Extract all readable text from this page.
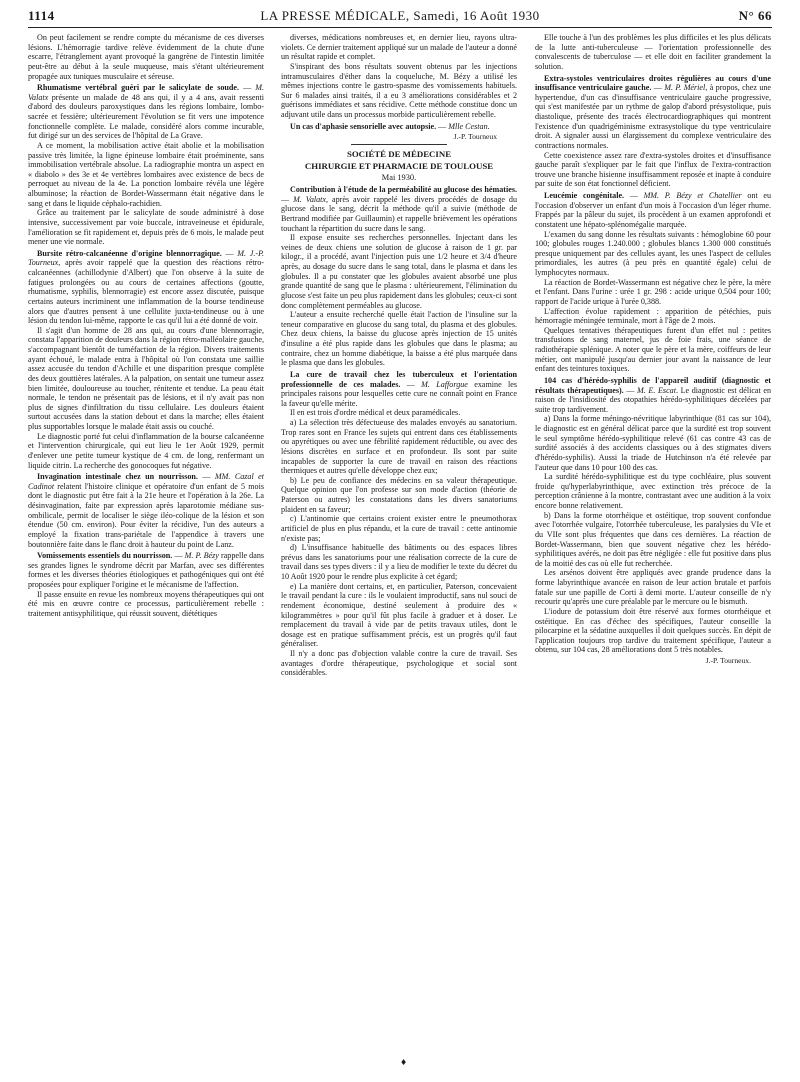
1114	LA PRESSE MÉDICALE, Samedi, 16 Août 1930	N° 66

On peut facilement se rendre compte du mécanisme de ces diverses lésions. L'hémorragie tardive relève évidemment de la chute d'une escarre, l'étranglement ayant provoqué la gangrène de l'intestin limitée peut-être au début à la seule muqueuse, mais s'étant ultérieurement propagée aux tuniques musculaire et séreuse.

Rhumatisme vertébral guéri par le salicylate de soude. — M. Valatx présente un malade de 48 ans qui, il y a 4 ans, avait ressenti d'abord des douleurs paroxystiques dans les régions lombaire, lombo-sacrée et fessière; ultérieurement l'évolution se fit vers une impotence fonctionnelle complète. Le malade, considéré alors comme incurable, fut dirigé sur un des services de l'hôpital de La Grave.

A ce moment, la mobilisation active était abolie et la mobilisation passive très limitée, la ligne épineuse lombaire était proéminente, sans immobilisation vertébrale absolue. La radiographie montra un aspect en « diabolo » des 3e et 4e vertèbres lombaires avec existence de becs de perroquet au niveau de la 4e. La ponction lombaire révéla une légère albuminose; la réaction de Bordet-Wassermann était négative dans le sang et dans le liquide céphalo-rachidien.

Grâce au traitement par le salicylate de soude administré à dose intensive, successivement par voie buccale, intraveineuse et épidurale, l'amélioration se fit rapidement et, depuis près de 6 mois, le malade peut mener une vie normale.

Bursite rétro-calcanéenne d'origine blennorragique. — M. J.-P. Tourneux, après avoir rappelé que la question des réactions rétro-calcanéennes (achillodynie d'Albert) que l'on observe à la suite de fatigues prolongées ou au cours de certaines affections (goutte, rhumatisme, syphilis, blennorragie) est encore assez discutée, puisque certains auteurs incriminent une inflammation de la bourse tendineuse alors que d'autres pensent à une cellulite juxta-tendineuse ou à une lésion du tendon lui-même, rapporte le cas qu'il lui a été donné de voir.

Il s'agit d'un homme de 28 ans qui, au cours d'une blennorragie, constata l'apparition de douleurs dans la région rétro-malléolaire gauche, s'accompagnant bientôt de tuméfaction de la région. Divers traitements ayant échoué, le malade entra à l'hôpital où l'on constata une saillie assez accusée du tendon d'Achille et une disparition presque complète des deux gouttières latérales. A la palpation, on sentait une tumeur assez bien limitée, douloureuse au toucher, rénitente et tendue. La peau était normale, le tendon ne présentait pas de lésions, et il n'y avait pas non plus de signes d'infiltration du tissu cellulaire. Les douleurs étaient surtout accusées dans la station debout et dans la marche; elles étaient plus supportables lorsque le malade était assis ou couché.

Le diagnostic porté fut celui d'inflammation de la bourse calcanéenne et l'intervention chirurgicale, qui eut lieu le 1er Août 1929, permit d'enlever une petite tumeur kystique de 4 cm. de long, renfermant un liquide citrin. La recherche des gonocoques fut négative.

Invagination intestinale chez un nourrisson. — MM. Cazal et Cadinot relatent l'histoire clinique et opératoire d'un enfant de 5 mois dont le diagnostic put être fait à la 21e heure et l'opération à la 26e. La désinvagination, faite par expression après laparotomie médiane sus-ombilicale, permit de localiser le siège iléo-colique de la lésion et son étendue (50 cm. environ). Pour éviter la récidive, l'un des auteurs a employé la fixation trans-pariétale de l'appendice à travers une boutonnière faite dans le flanc droit à hauteur du point de Lanz.

Vomissements essentiels du nourrisson. — M. P. Bézy rappelle dans ses grandes lignes le syndrome décrit par Marfan, avec ses différentes formes et les diverses théories étiologiques et pathogéniques qui ont été proposées pour expliquer l'origine et le mécanisme de l'affection.

Il passe ensuite en revue les nombreux moyens thérapeutiques qui ont été mis en œuvre contre ce processus, particulièrement rebelle : traitement antisyphilitique, qui réussit souvent, diététiques

diverses, médications nombreuses et, en dernier lieu, rayons ultra-violets. Ce dernier traitement appliqué sur un malade de l'auteur a donné un résultat rapide et complet.

S'inspirant des bons résultats souvent obtenus par les injections intramusculaires d'éther dans la coqueluche, M. Bézy a utilisé les mêmes injections contre le gastro-spasme des vomissements habituels. Sur 6 malades ainsi traités, il a eu 3 améliorations considérables et 2 guérisons immédiates et sans récidive. Cette méthode constitue donc un adjuvant utile dans un processus morbide particulièrement rebelle.

Un cas d'aphasie sensorielle avec autopsie. — Mlle Cestan.

J.-P. Tourneux
SOCIÉTÉ DE MÉDECINE
CHIRURGIE ET PHARMACIE DE TOULOUSE
Mai 1930.

Contribution à l'étude de la perméabilité au glucose des hématies. — M. Valatx, après avoir rappelé les divers procédés de dosage du glucose dans le sang, décrit la méthode qu'il a suivie (méthode de Bertrand modifiée par Guillaumin) et rappelle brièvement les opérations touchant la répartition du sucre dans le sang.

Il expose ensuite ses recherches personnelles. Injectant dans les veines de deux chiens une solution de glucose à raison de 1 gr. par kilogr., il a procédé, avant l'injection puis une 1/2 heure et 3/4 d'heure après, au dosage du sucre dans le sang total, dans le plasma et dans les globules. Il a pu constater que les globules avaient absorbé une plus grande quantité de sang que le plasma : ultérieurement, l'élimination du glucose s'est faite un peu plus rapidement dans les globules; ceux-ci sont donc complètement perméables au glucose.

L'auteur a ensuite recherché quelle était l'action de l'insuline sur la teneur comparative en glucose du sang total, du plasma et des globules. Chez deux chiens, la baisse du glucose après injection de 15 unités d'insuline a été plus rapide dans les globules que dans le plasma; au contraire, chez un homme diabétique, la baisse a été plus marquée dans le plasma que dans les globules.

La cure de travail chez les tuberculeux et l'orientation professionnelle de ces malades. — M. Lafforgue examine les principales raisons pour lesquelles cette cure ne connaît point en France la faveur qu'elle mérite.

Il en est trois d'ordre médical et deux paramédicales.

a) La sélection très défectueuse des malades envoyés au sanatorium. Trop rares sont en France les sujets qui entrent dans ces établissements ou apyrétiques ou avec une fébrilité rapidement réductible, ou avec des lésions discrètes en surface et en profondeur. Ils sont par suite incapables de supporter la cure de travail en raison des réactions thermiques et autres qu'elle développe chez eux;

b) Le peu de confiance des médecins en sa valeur thérapeutique. Quelque opinion que l'on professe sur son mode d'action (théorie de Paterson ou autres) les constatations dans les divers sanatoriums plaident en sa faveur;

c) L'antinomie que certains croient exister entre le pneumothorax artificiel de plus en plus répandu, et la cure de travail : cette antinomie n'existe pas;

d) L'insuffisance habituelle des bâtiments ou des espaces libres prévus dans les sanatoriums pour une réalisation correcte de la cure de travail dans ses types divers : il y a lieu de modifier le texte du décret du 10 Août 1920 pour le rendre plus explicite à cet égard;

e) La manière dont certains, et, en particulier, Paterson, concevaient le travail pendant la cure : ils le voulaient improductif, sans nul souci de rendement économique, destiné seulement à produire des « kilogrammètres » pour qu'il fût plus facile à graduer et à doser. Le remplacement du travail à vide par de petits travaux utiles, dont le dosage est en pratique suffisamment précis, est un progrès qu'il faut généraliser.

Il n'y a donc pas d'objection valable contre la cure de travail. Ses avantages d'ordre thérapeutique, psychologique et social sont considérables.

Elle touche à l'un des problèmes les plus difficiles et les plus délicats de la lutte anti-tuberculeuse — l'orientation professionnelle des convalescents de tuberculose — et elle doit en faciliter grandement la solution.

Extra-systoles ventriculaires droites régulières au cours d'une insuffisance ventriculaire gauche. — M. P. Mériel, à propos, chez une hypertendue, d'un cas d'insuffisance ventriculaire gauche progressive, qui s'est manifestée par un rythme de galop d'abord présystolique, puis diastolique, présente des tracés électrocardiographiques qui montrent l'existence d'un quadrigéminisme extrasystolique du type ventriculaire droit. A signaler aussi un élargissement du complexe ventriculaire des contractions normales.

Cette coexistence assez rare d'extra-systoles droites et d'insuffisance gauche paraît s'expliquer par le fait que l'influx de l'extra-contraction trouve une branche hisienne insuffisamment reposée et inapte à conduire par suite de son état fonctionnel déficient.

Leucémie congénitale. — MM. P. Bézy et Chatellier ont eu l'occasion d'observer un enfant d'un mois à l'occasion d'un léger rhume. Frappés par la pâleur du sujet, ils procèdent à un examen approfondi et constatent une hépato-splénomégalie marquée.

L'examen du sang donne les résultats suivants : hémoglobine 60 pour 100; globules rouges 1.240.000 ; globules blancs 1.300 000 constitués presque uniquement par des cellules ayant, les unes l'aspect de cellules primordiales, les autres (à peu près en quantité égale) celui de lymphocytes normaux.

La réaction de Bordet-Wassermann est négative chez le père, la mère et l'enfant. Dans l'urine : urée 1 gr. 298 : acide urique 0,504 pour 100; rapport de l'acide urique à l'urée 0,388.

L'affection évolue rapidement : apparition de pétéchies, puis hémorragie méningée terminale, mort à l'âge de 2 mois.

Quelques tentatives thérapeutiques furent d'un effet nul : petites transfusions de sang maternel, jus de foie frais, une séance de radiothérapie splénique. A noter que le père et la mère, coiffeurs de leur métier, ont manipulé jusqu'au dernier jour avant la naissance de leur enfant des teintures toxiques.

104 cas d'hérédo-syphilis de l'appareil auditif (diagnostic et résultats thérapeutiques). — M. E. Escat. Le diagnostic est délicat en raison de l'insidiosité des otopathies hérédo-syphilitiques décelées par suite trop tardivement.

a) Dans la forme méningo-névritique labyrinthique (81 cas sur 104), le diagnostic est en général délicat parce que la surdité est trop souvent le seul symptôme hérédo-syphilitique relevé (61 cas contre 43 cas de surdité associés à des accidents classiques ou à des stigmates divers d'hérédo-syphilis). Aussi la triade de Hutchinson n'a été relevée par l'auteur que dans 10 pour 100 des cas.

La surdité hérédo-syphilitique est du type cochléaire, plus souvent froide qu'hyperlabyrinthique, avec extinction très précoce de la perception crânienne à la montre, contrastant avec une audition à la voix encore bonne relativement.

b) Dans la forme otorrhéique et ostéitique, trop souvent confondue avec l'otorrhée vulgaire, l'otorrhée tuberculeuse, les paralysies du VIe et du VIIe sont plus fréquentes que dans ces dernières. La réaction de Bordet-Wassermann, bien que souvent négative chez les hérédo-syphilitiques avérés, ne doit pas être négligée : elle fut positive dans plus de la moitié des cas où elle fut recherchée.

Les arsénos doivent être appliqués avec grande prudence dans la forme labyrinthique avancée en raison de leur action brutale et parfois fatale sur une papille de Corti à demi morte. L'auteur conseille de n'y recourir qu'après une cure préalable par le mercure ou le bismuth.

L'iodure de potassium doit être réservé aux formes otorrhéique et ostéitique. En cas d'échec des spécifiques, l'auteur conseille la pilocarpine et la sédatine auxquelles il doit quelques succès. En dépit de l'application toujours trop tardive du traitement spécifique, l'auteur a obtenu, sur 104 cas, 28 améliorations dont 5 très notables.

J.-P. Tourneux.
♦
